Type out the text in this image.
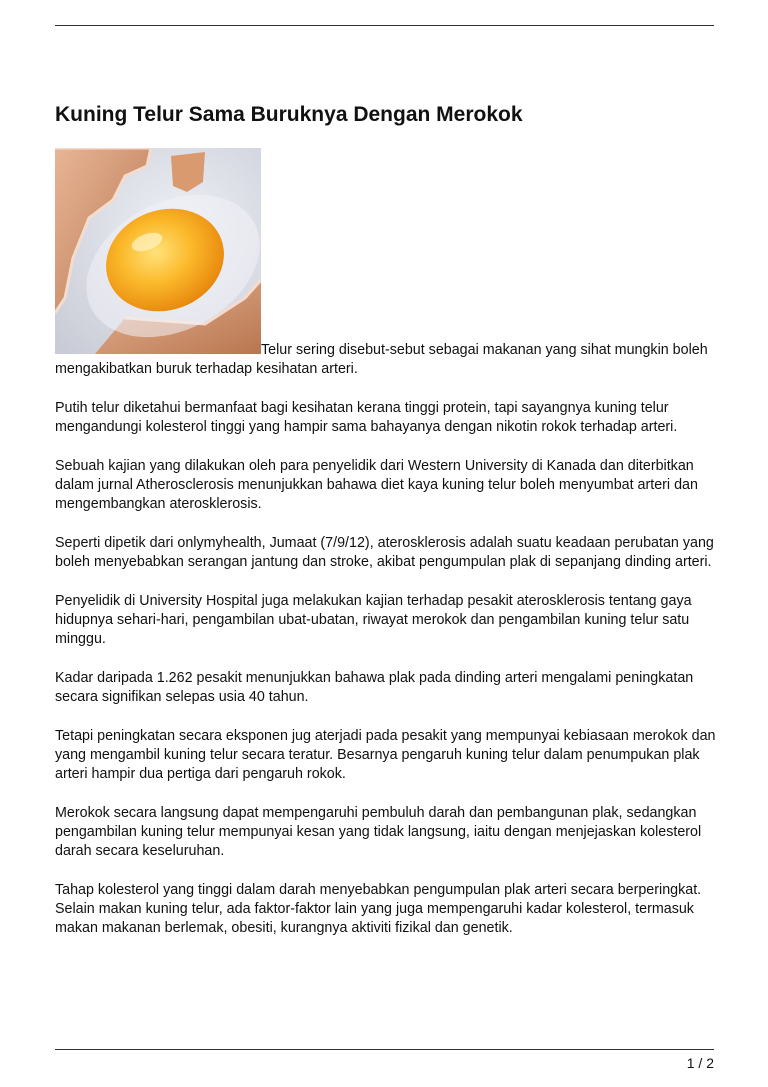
Kuning Telur Sama Buruknya Dengan Merokok

Telur sering disebut-sebut sebagai makanan yang sihat mungkin boleh mengakibatkan buruk terhadap kesihatan arteri.

Putih telur diketahui bermanfaat bagi kesihatan kerana tinggi protein, tapi sayangnya kuning telur mengandungi kolesterol tinggi yang hampir sama bahayanya dengan nikotin rokok terhadap arteri.

Sebuah kajian yang dilakukan oleh para penyelidik dari Western University di Kanada dan diterbitkan dalam jurnal Atherosclerosis menunjukkan bahawa diet kaya kuning telur boleh menyumbat arteri dan mengembangkan aterosklerosis.

Seperti dipetik dari onlymyhealth, Jumaat (7/9/12), aterosklerosis adalah suatu keadaan perubatan yang boleh menyebabkan serangan jantung dan stroke, akibat pengumpulan plak di sepanjang dinding arteri.

Penyelidik di University Hospital juga melakukan kajian terhadap pesakit aterosklerosis tentang gaya hidupnya sehari-hari, pengambilan ubat-ubatan, riwayat merokok dan pengambilan kuning telur satu minggu.

Kadar daripada 1.262 pesakit menunjukkan bahawa plak pada dinding arteri mengalami peningkatan secara signifikan selepas usia 40 tahun.

Tetapi peningkatan secara eksponen jug aterjadi pada pesakit yang mempunyai kebiasaan merokok dan yang mengambil kuning telur secara teratur. Besarnya pengaruh kuning telur dalam penumpukan plak arteri hampir dua pertiga dari pengaruh rokok.

Merokok secara langsung dapat mempengaruhi pembuluh darah dan pembangunan plak, sedangkan pengambilan kuning telur mempunyai kesan yang tidak langsung, iaitu dengan menjejaskan kolesterol darah secara keseluruhan.

Tahap kolesterol yang tinggi dalam darah menyebabkan pengumpulan plak arteri secara berperingkat. Selain makan kuning telur, ada faktor-faktor lain yang juga mempengaruhi kadar kolesterol, termasuk makan makanan berlemak, obesiti, kurangnya aktiviti fizikal dan genetik.

1 / 2
